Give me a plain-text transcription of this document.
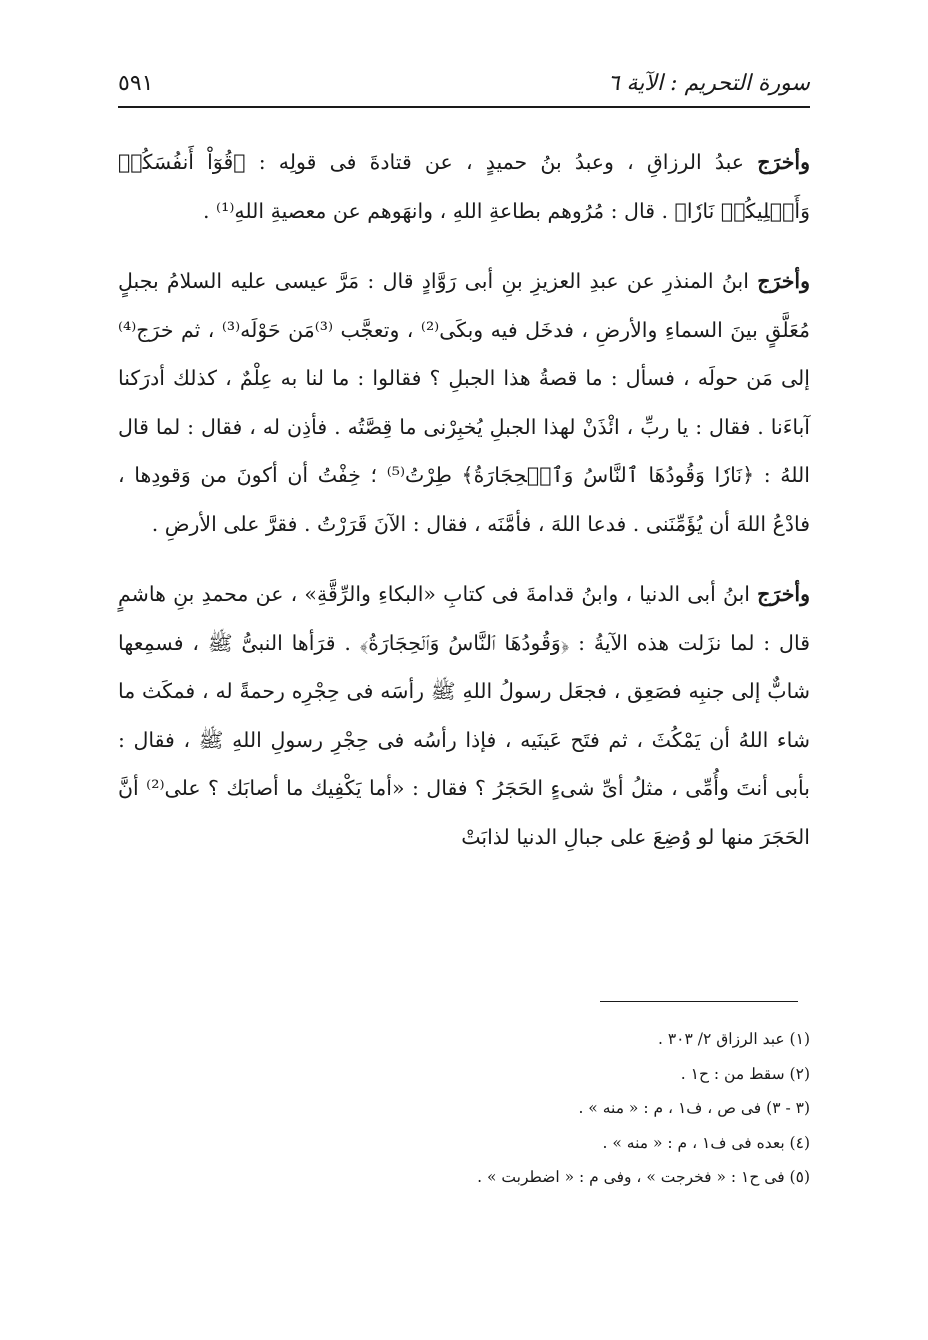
سورة التحريم : الآية ٦
٥٩١

وأخرَج عبدُ الرزاقِ ، وعبدُ بنُ حميدٍ ، عن قتادةَ فى قولِه : ﴿قُوٓاْ أَنفُسَكُمۡ وَأَهۡلِيكُمۡ نَارٗا﴾ . قال : مُرُوهم بطاعةِ اللهِ ، وانهَوهم عن معصيةِ اللهِ⁽¹⁾ .

وأخرَج ابنُ المنذرِ عن عبدِ العزيزِ بنِ أبى رَوَّادٍ قال : مَرَّ عيسى عليه السلامُ بجبلٍ مُعَلَّقٍ بينَ السماءِ والأرضِ ، فدخَل فيه وبكَى⁽²⁾ ، وتعجَّب ⁽³⁾مَن حَوْلَه⁽³⁾ ، ثم خرَج⁽⁴⁾ إلى مَن حولَه ، فسأل : ما قصةُ هذا الجبلِ ؟ فقالوا : ما لنا به عِلْمٌ ، كذلك أدرَكنا آباءَنا . فقال : يا ربِّ ، ائْذَنْ لهذا الجبلِ يُخبِرْنى ما قِصَّتُه . فأذِن له ، فقال : لما قال اللهُ : ﴿نَارٗا وَقُودُهَا ٱلنَّاسُ وَٱلۡحِجَارَةُ﴾ طِرْتُ⁽⁵⁾ ؛ خِفْتُ أن أكونَ من وَقودِها ، فادْعُ اللهَ أن يُؤَمِّنَنى . فدعا اللهَ ، فأمَّنَه ، فقال : الآنَ قَرَرْتُ . فقرَّ على الأرضِ .

وأخرَج ابنُ أبى الدنيا ، وابنُ قدامةَ فى كتابِ «البكاءِ والرِّقَّةِ» ، عن محمدِ بنِ هاشمٍ قال : لما نزَلت هذه الآيةُ : ﴿وَقُودُهَا ٱلنَّاسُ وَٱلۡحِجَارَةُ﴾ . قرَأها النبىُّ ﷺ ، فسمِعها شابٌّ إلى جنبِه فصَعِق ، فجعَل رسولُ اللهِ ﷺ رأسَه فى حِجْرِه رحمةً له ، فمكَث ما شاء اللهُ أن يَمْكُثَ ، ثم فتَح عَينَيه ، فإذا رأسُه فى حِجْرِ رسولِ اللهِ ﷺ ، فقال : بأبى أنتَ وأُمِّى ، مثلُ أىِّ شىءٍ الحَجَرُ ؟ فقال : «أما يَكْفِيك ما أصابَك ؟ على⁽²⁾ أنَّ الحَجَرَ منها لو وُضِعَ على جبالِ الدنيا لذابَتْ

(١) عبد الرزاق ٢/ ٣٠٣ .

(٢) سقط من : ح١ .

(٣ - ٣) فى ص ، ف١ ، م : « منه » .

(٤) بعده فى ف١ ، م : « منه » .

(٥) فى ح١ : « فخرجت » ، وفى م : « اضطربت » .
